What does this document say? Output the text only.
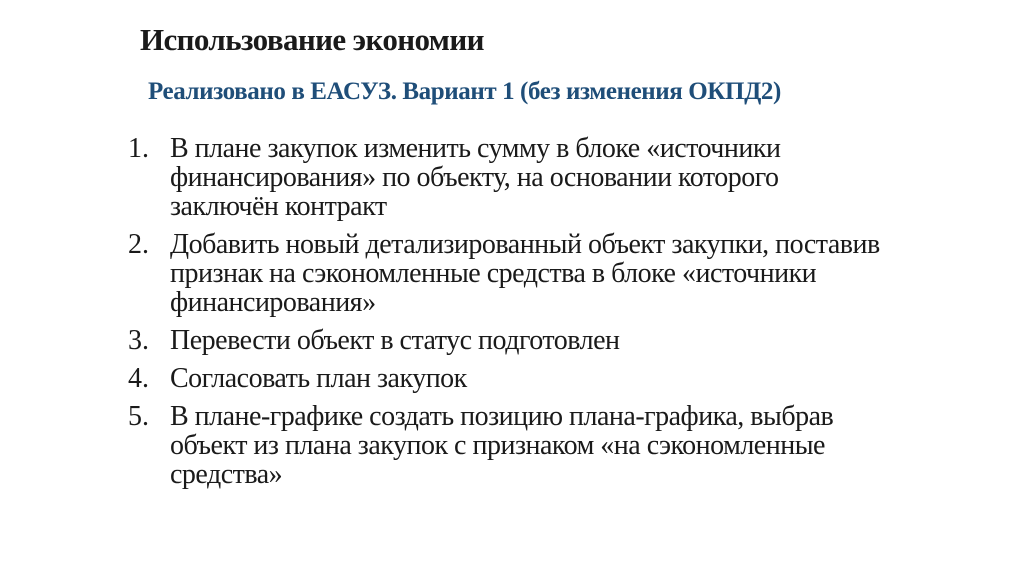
Использование экономии
Реализовано в ЕАСУЗ. Вариант 1 (без изменения ОКПД2)
1. В плане закупок изменить сумму в блоке «источники
финансирования» по объекту, на основании которого
заключён контракт
2. Добавить новый детализированный объект закупки, поставив
признак на сэкономленные средства в блоке «источники
финансирования»
3. Перевести объект в статус подготовлен
4. Согласовать план закупок
5. В плане-графике создать позицию плана-графика, выбрав
объект из плана закупок с признаком «на сэкономленные
средства»
